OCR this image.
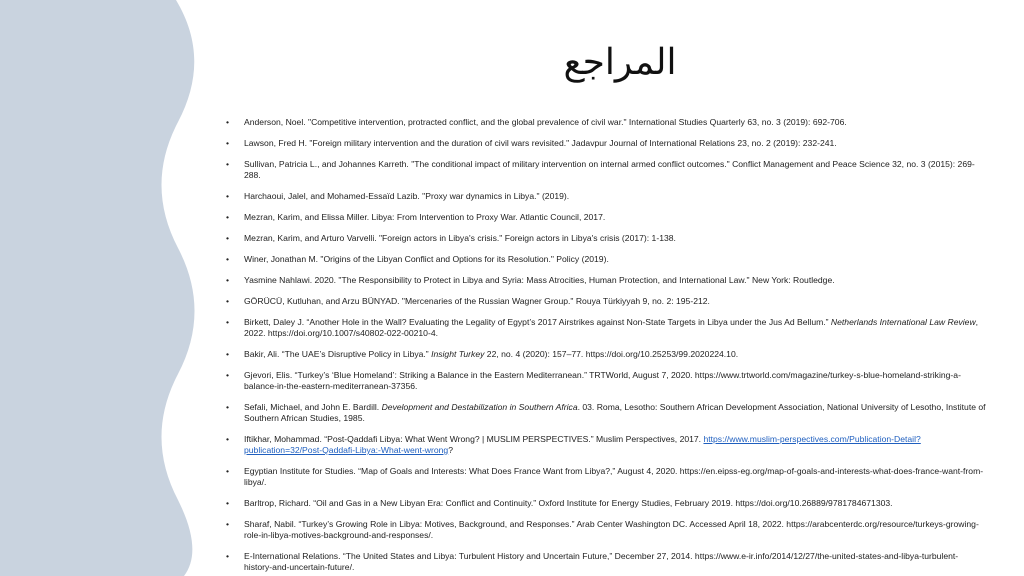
المراجع
• Anderson, Noel. "Competitive intervention, protracted conflict, and the global prevalence of civil war." International Studies Quarterly 63, no. 3 (2019): 692-706.
• Lawson, Fred H. "Foreign military intervention and the duration of civil wars revisited." Jadavpur Journal of International Relations 23, no. 2 (2019): 232-241.
• Sullivan, Patricia L., and Johannes Karreth. "The conditional impact of military intervention on internal armed conflict outcomes." Conflict Management and Peace Science 32, no. 3 (2015): 269-288.
• Harchaoui, Jalel, and Mohamed-Essaïd Lazib. "Proxy war dynamics in Libya." (2019).
• Mezran, Karim, and Elissa Miller. Libya: From Intervention to Proxy War. Atlantic Council, 2017.
• Mezran, Karim, and Arturo Varvelli. "Foreign actors in Libya's crisis." Foreign actors in Libya's crisis (2017): 1-138.
• Winer, Jonathan M. "Origins of the Libyan Conflict and Options for its Resolution." Policy (2019).
• Yasmine Nahlawi. 2020. "The Responsibility to Protect in Libya and Syria: Mass Atrocities, Human Protection, and International Law." New York: Routledge.
• GÖRÜCÜ, Kutluhan, and Arzu BÜNYAD. "Mercenaries of the Russian Wagner Group." Rouya Türkiyyah 9, no. 2: 195-212.
• Birkett, Daley J. “Another Hole in the Wall? Evaluating the Legality of Egypt’s 2017 Airstrikes against Non-State Targets in Libya under the Jus Ad Bellum.” Netherlands International Law Review, 2022. https://doi.org/10.1007/s40802-022-00210-4.
• Bakir, Ali. “The UAE’s Disruptive Policy in Libya.” Insight Turkey 22, no. 4 (2020): 157–77. https://doi.org/10.25253/99.2020224.10.
• Gjevori, Elis. “Turkey’s ‘Blue Homeland’: Striking a Balance in the Eastern Mediterranean.” TRTWorld, August 7, 2020. https://www.trtworld.com/magazine/turkey-s-blue-homeland-striking-a-balance-in-the-eastern-mediterranean-37356.
• Sefali, Michael, and John E. Bardill. Development and Destabilization in Southern Africa. 03. Roma, Lesotho: Southern African Development Association, National University of Lesotho, Institute of Southern African Studies, 1985.
• Iftikhar, Mohammad. “Post-Qaddafi Libya: What Went Wrong? | MUSLIM PERSPECTIVES.” Muslim Perspectives, 2017. https://www.muslim-perspectives.com/Publication-Detail?publication=32/Post-Qaddafi-Libya:-What-went-wrong?
• Egyptian Institute for Studies. “Map of Goals and Interests: What Does France Want from Libya?,” August 4, 2020. https://en.eipss-eg.org/map-of-goals-and-interests-what-does-france-want-from-libya/.
• Barltrop, Richard. “Oil and Gas in a New Libyan Era: Conflict and Continuity.” Oxford Institute for Energy Studies, February 2019. https://doi.org/10.26889/9781784671303.
• Sharaf, Nabil. “Turkey’s Growing Role in Libya: Motives, Background, and Responses.” Arab Center Washington DC. Accessed April 18, 2022. https://arabcenterdc.org/resource/turkeys-growing-role-in-libya-motives-background-and-responses/.
• E-International Relations. “The United States and Libya: Turbulent History and Uncertain Future,” December 27, 2014. https://www.e-ir.info/2014/12/27/the-united-states-and-libya-turbulent-history-and-uncertain-future/.
